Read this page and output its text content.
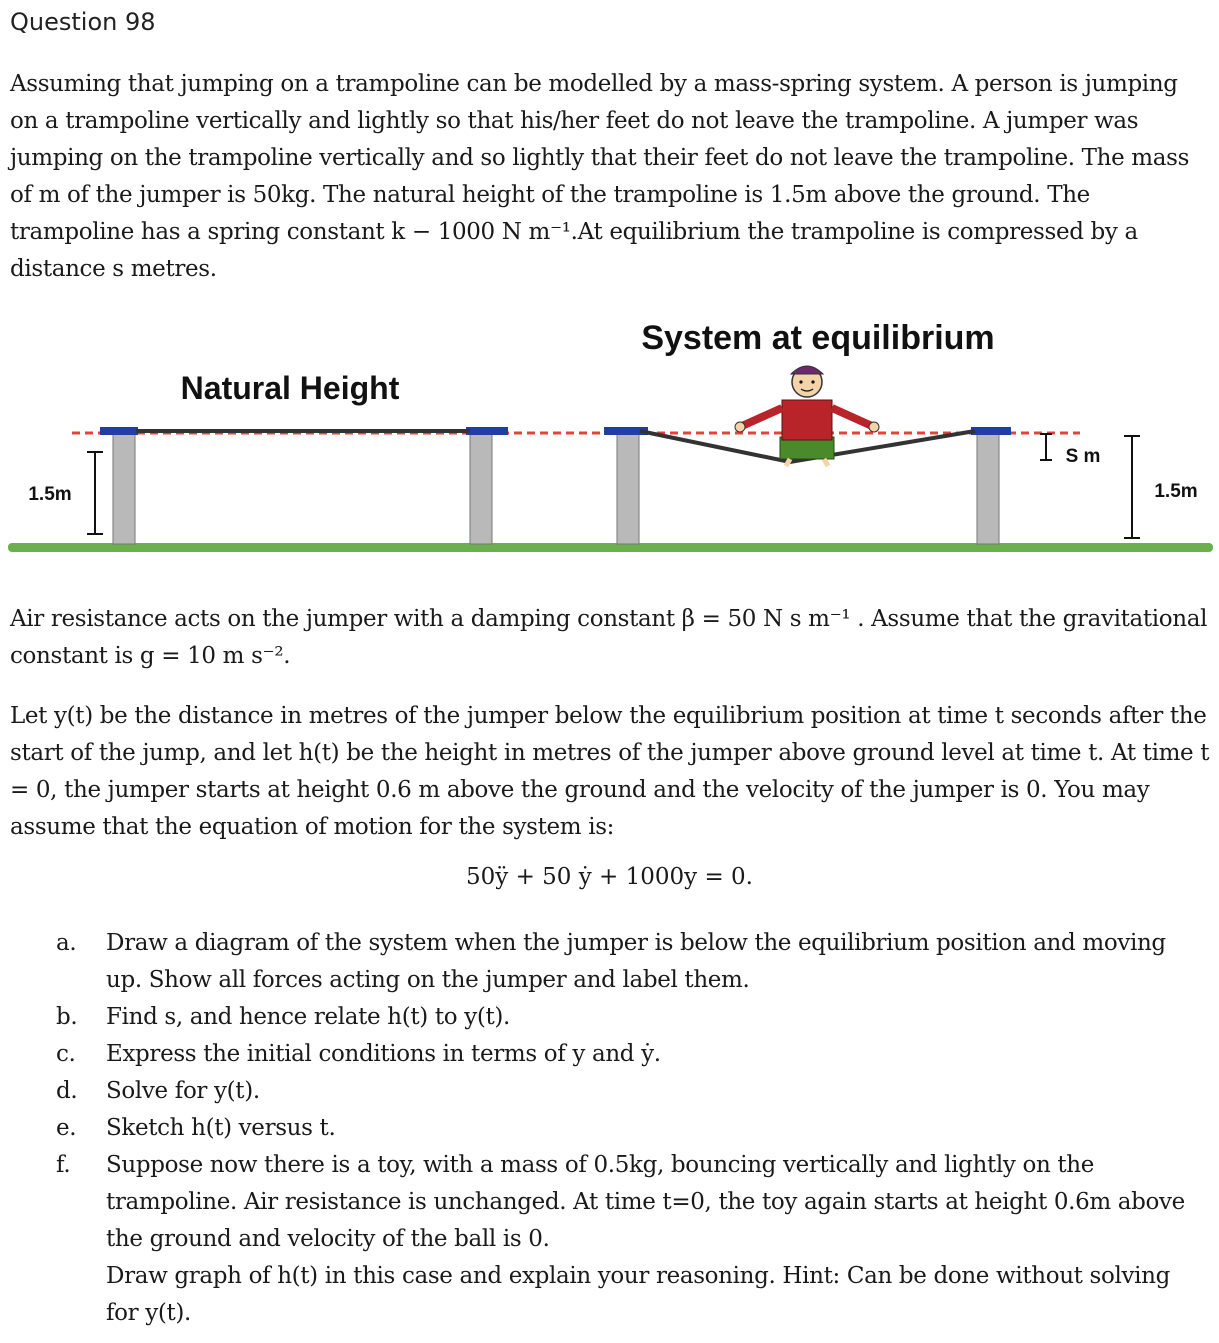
Question 98

Assuming that jumping on a trampoline can be modelled by a mass-spring system. A person is jumping on a trampoline vertically and lightly so that his/her feet do not leave the trampoline. A jumper was jumping on the trampoline vertically and so lightly that their feet do not leave the trampoline. The mass of m of the jumper is 50kg. The natural height of the trampoline is 1.5m above the ground. The trampoline has a spring constant k − 1000 N m⁻¹.At equilibrium the trampoline is compressed by a distance s metres.

Natural Height
System at equilibrium
1.5m
S m
1.5m

Air resistance acts on the jumper with a damping constant β = 50 N s m⁻¹ . Assume that the gravitational constant is g = 10 m s⁻².

Let y(t) be the distance in metres of the jumper below the equilibrium position at time t seconds after the start of the jump, and let h(t) be the height in metres of the jumper above ground level at time t. At time t = 0, the jumper starts at height 0.6 m above the ground and the velocity of the jumper is 0. You may assume that the equation of motion for the system is:

50ÿ + 50 ẏ + 1000y = 0.
a. Draw a diagram of the system when the jumper is below the equilibrium position and moving up. Show all forces acting on the jumper and label them.
b. Find s, and hence relate h(t) to y(t).
c. Express the initial conditions in terms of y and ẏ.
d. Solve for y(t).
e. Sketch h(t) versus t.
f. Suppose now there is a toy, with a mass of 0.5kg, bouncing vertically and lightly on the trampoline. Air resistance is unchanged. At time t=0, the toy again starts at height 0.6m above the ground and velocity of the ball is 0.
Draw graph of h(t) in this case and explain your reasoning. Hint: Can be done without solving for y(t).
